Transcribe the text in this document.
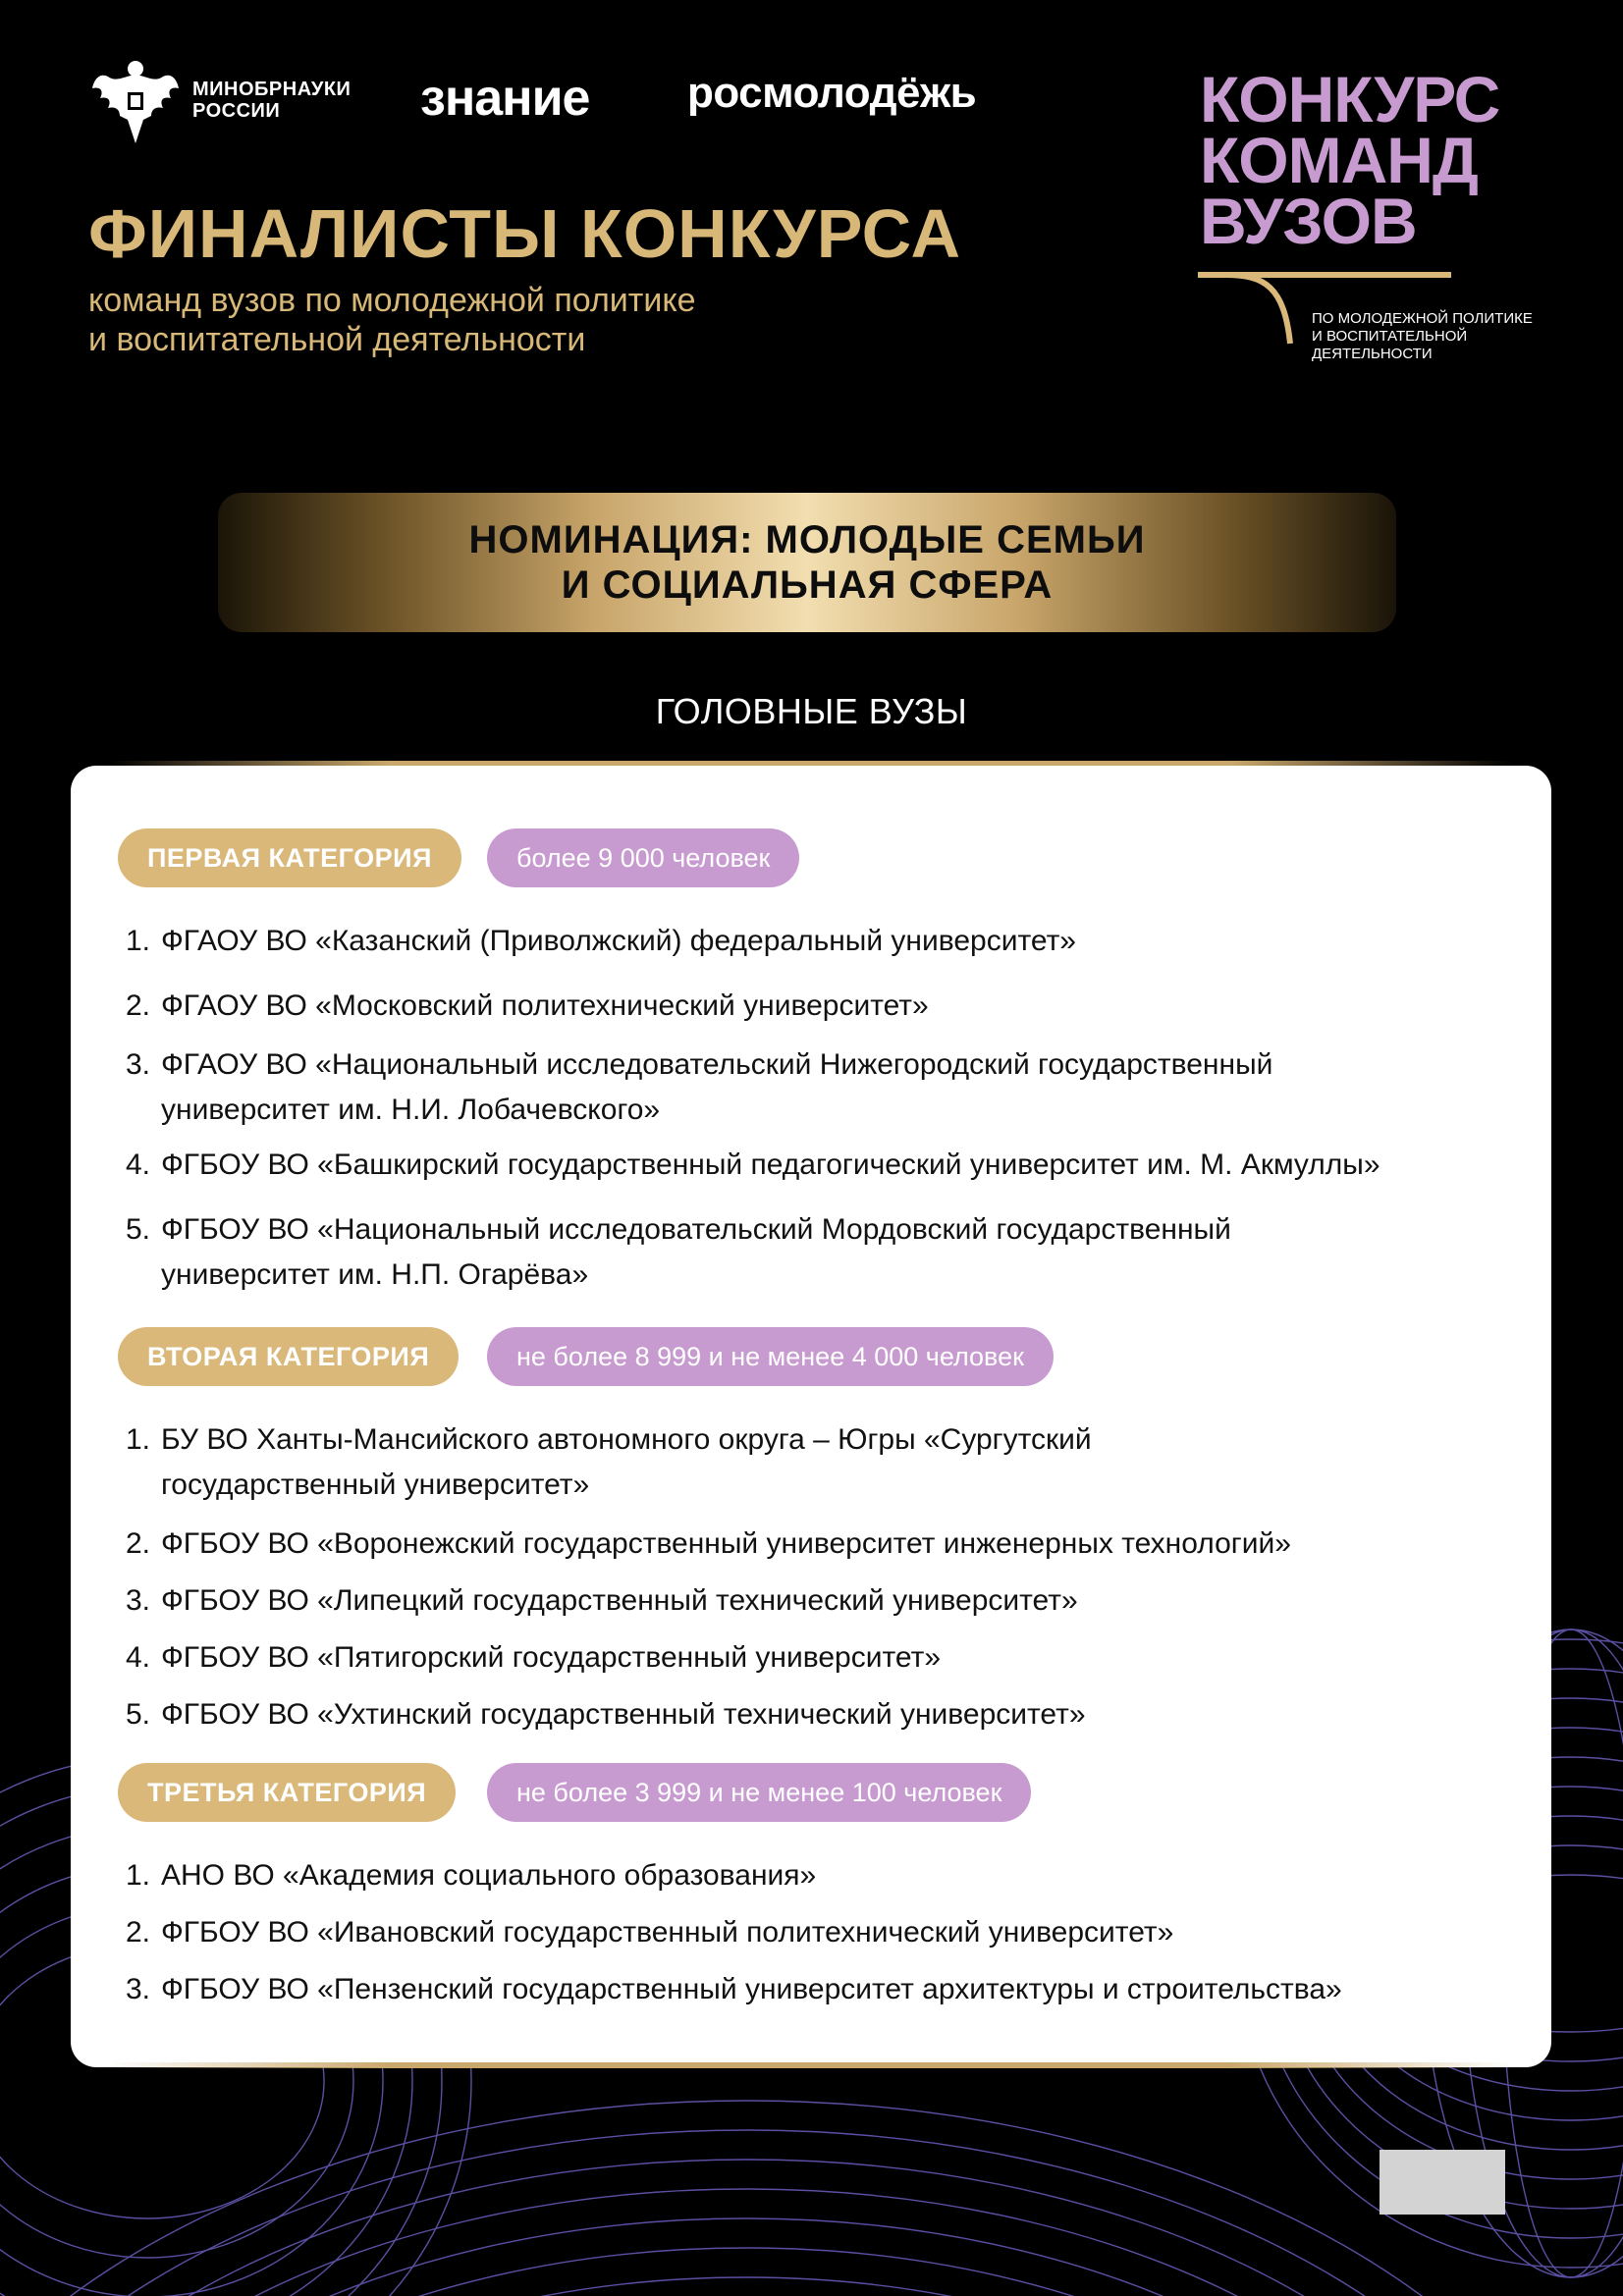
МИНОБРНАУКИ
РОССИИ	знание росмолодёжь	КОНКУРС
КОМАНД
ВУЗОВ
ПО МОЛОДЕЖНОЙ ПОЛИТИКЕ
И ВОСПИТАТЕЛЬНОЙ
ДЕЯТЕЛЬНОСТИ
ФИНАЛИСТЫ КОНКУРСА
команд вузов по молодежной политике
и воспитательной деятельности
НОМИНАЦИЯ: МОЛОДЫЕ СЕМЬИ
И СОЦИАЛЬНАЯ СФЕРА
ГОЛОВНЫЕ ВУЗЫ
ПЕРВАЯ КАТЕГОРИЯ	более 9 000 человек
1. ФГАОУ ВО «Казанский (Приволжский) федеральный университет»
2. ФГАОУ ВО «Московский политехнический университет»
3. ФГАОУ ВО «Национальный исследовательский Нижегородский государственный
университет им. Н.И. Лобачевского»
4. ФГБОУ ВО «Башкирский государственный педагогический университет им. М. Акмуллы»
5. ФГБОУ ВО «Национальный исследовательский Мордовский государственный
университет им. Н.П. Огарёва»
ВТОРАЯ КАТЕГОРИЯ	не более 8 999 и не менее 4 000 человек
1. БУ ВО Ханты-Мансийского автономного округа – Югры «Сургутский
государственный университет»
2. ФГБОУ ВО «Воронежский государственный университет инженерных технологий»
3. ФГБОУ ВО «Липецкий государственный технический университет»
4. ФГБОУ ВО «Пятигорский государственный университет»
5. ФГБОУ ВО «Ухтинский государственный технический университет»
ТРЕТЬЯ КАТЕГОРИЯ	не более 3 999 и не менее 100 человек
1. АНО ВО «Академия социального образования»
2. ФГБОУ ВО «Ивановский государственный политехнический университет»
3. ФГБОУ ВО «Пензенский государственный университет архитектуры и строительства»
